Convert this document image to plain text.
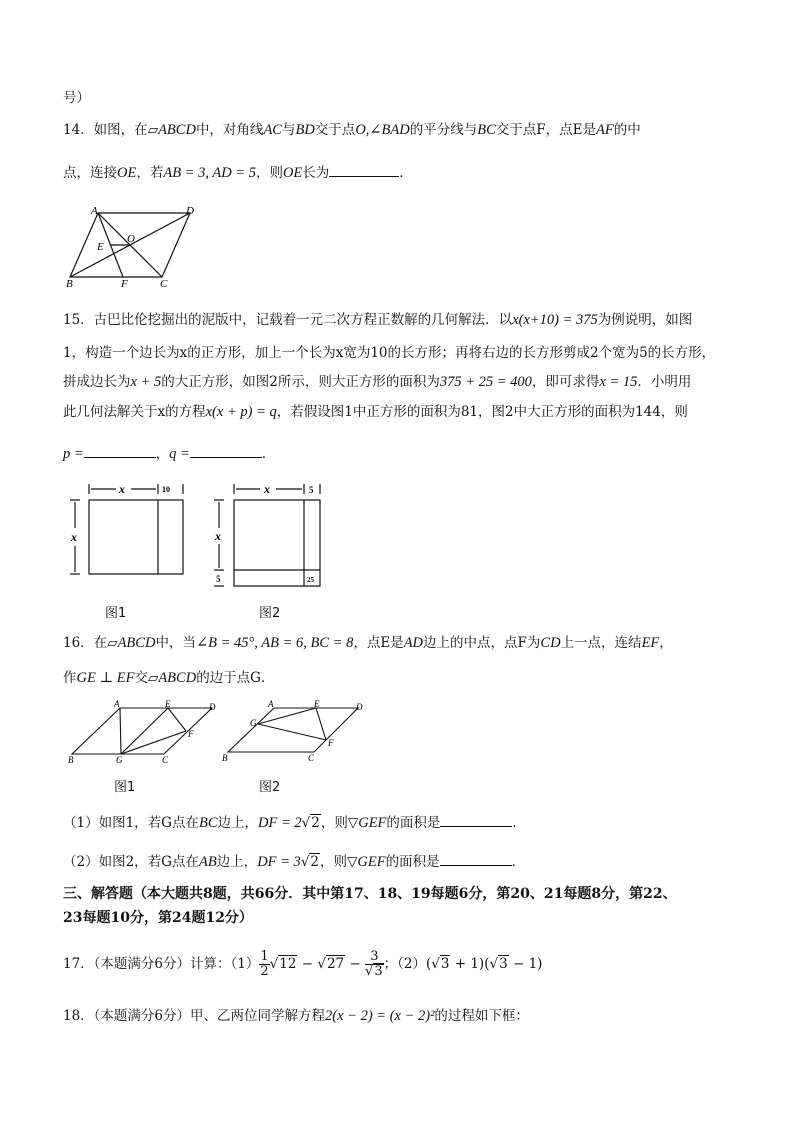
号）
14．如图，在▱ABCD中，对角线AC与BD交于点O,∠BAD的平分线与BC交于点F，点E是AF的中
点，连接OE，若AB = 3, AD = 5，则OE长为	．
A	D
B	C
E
O
F
15．古巴比伦挖掘出的泥版中，记载着一元二次方程正数解的几何解法．以x(x+10) = 375为例说明，如图
1，构造一个边长为x的正方形，加上一个长为x宽为10的长方形；再将右边的长方形剪成2个宽为5的长方形，
拼成边长为x + 5的大正方形，如图2所示，则大正方形的面积为375 + 25 = 400，即可求得x = 15．小明用
此几何法解关于x的方程x(x + p) = q，若假设图1中正方形的面积为81，图2中大正方形的面积为144，则
p =	，q =	．
x	10
x
x	5
x
5	25
图1	图2
16．在▱ABCD中，当∠B = 45°, AB = 6, BC = 8，点E是AD边上的中点，点F为CD上一点，连结EF，
作GE ⊥ EF交▱ABCD的边于点G．
A	E	D
F
B	G	C
A	E	D
G
F
B	C
图1	图2
（1）如图1，若G点在BC边上，DF = 2√2，则▽GEF的面积是	．
（2）如图2，若G点在AB边上，DF = 3√2，则▽GEF的面积是	．
三、解答题（本大题共8题，共66分．其中第17、18、19每题6分，第20、21每题8分，第22、
23每题10分，第24题12分）
17．（本题满分6分）计算：$(1) \frac{1}{2} √12 - √27 - \frac{3}{√3}$ ；（2）(√3 + 1)(√3 − 1)
18．（本题满分6分）甲、乙两位同学解方程2(x − 2) = (x − 2)²的过程如下框：
